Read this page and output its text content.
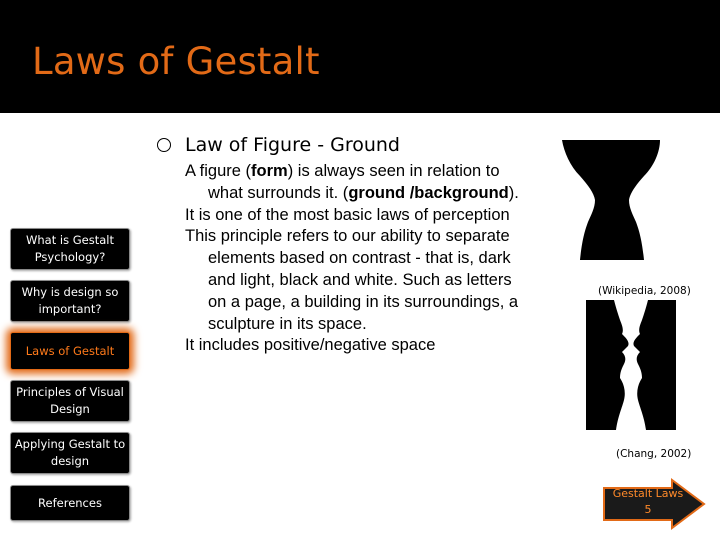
Laws of Gestalt
What is Gestalt Psychology?
Why is design so important?
Laws of Gestalt
Principles of Visual Design
Applying Gestalt to design
References
Law of Figure - Ground
A figure (form) is always seen in relation to
what surrounds it. (ground /background).
It is one of the most basic laws of perception
This principle refers to our ability to separate
elements based on contrast - that is, dark
and light, black and white. Such as letters
on a page, a building in its surroundings, a
sculpture in its space.
It includes positive/negative space
(Wikipedia, 2008)
(Chang, 2002)
Gestalt Laws
5
